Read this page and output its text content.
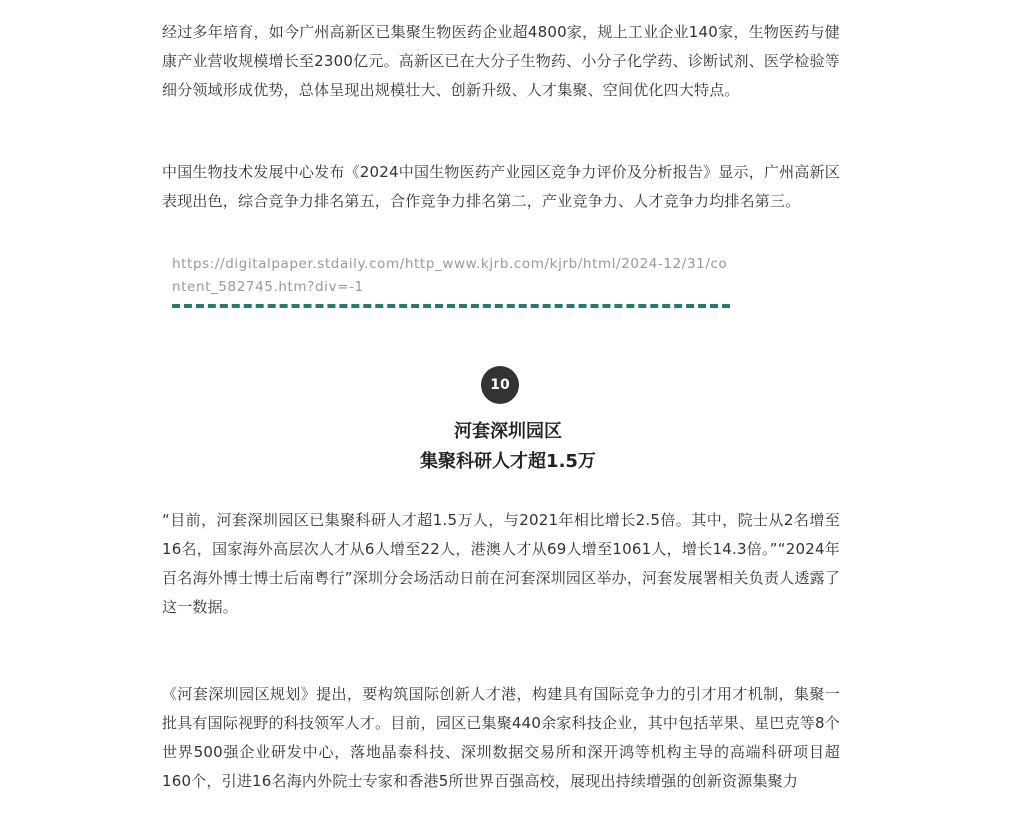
经过多年培育，如今广州高新区已集聚生物医药企业超4800家，规上工业企业140家，生物医药与健康产业营收规模增长至2300亿元。高新区已在大分子生物药、小分子化学药、诊断试剂、医学检验等细分领域形成优势，总体呈现出规模壮大、创新升级、人才集聚、空间优化四大特点。

中国生物技术发展中心发布《2024中国生物医药产业园区竞争力评价及分析报告》显示，广州高新区表现出色，综合竞争力排名第五，合作竞争力排名第二，产业竞争力、人才竞争力均排名第三。

https://digitalpaper.stdaily.com/http_www.kjrb.com/kjrb/html/2024-12/31/content_582745.htm?div=-1

10
河套深圳园区
集聚科研人才超1.5万

“目前，河套深圳园区已集聚科研人才超1.5万人，与2021年相比增长2.5倍。其中，院士从2名增至16名，国家海外高层次人才从6人增至22人，港澳人才从69人增至1061人，增长14.3倍。”“2024年百名海外博士博士后南粤行”深圳分会场活动日前在河套深圳园区举办，河套发展署相关负责人透露了这一数据。

《河套深圳园区规划》提出，要构筑国际创新人才港，构建具有国际竞争力的引才用才机制，集聚一批具有国际视野的科技领军人才。目前，园区已集聚440余家科技企业，其中包括苹果、星巴克等8个世界500强企业研发中心，落地晶泰科技、深圳数据交易所和深开鸿等机构主导的高端科研项目超160个，引进16名海内外院士专家和香港5所世界百强高校，展现出持续增强的创新资源集聚力
